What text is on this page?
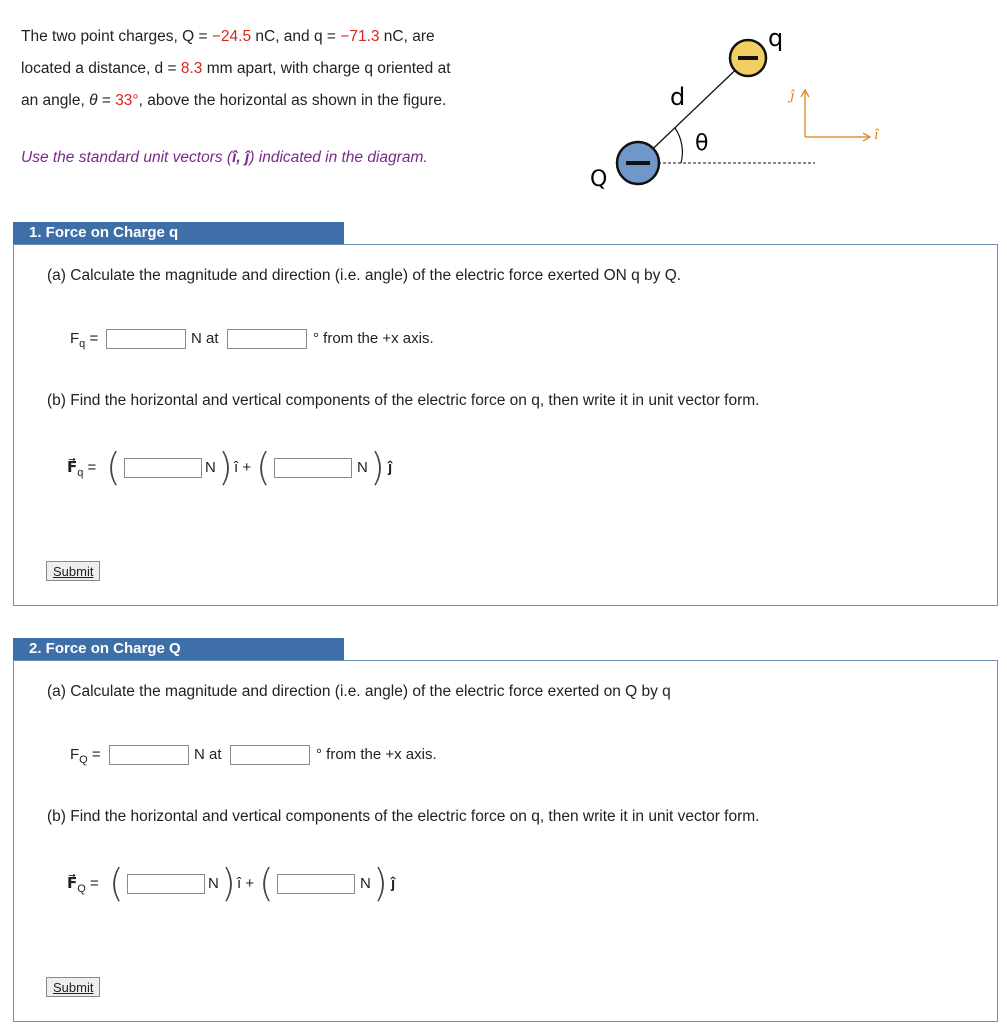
The two point charges, Q = −24.5 nC, and q = −71.3 nC, are
located a distance, d = 8.3 mm apart, with charge q oriented at
an angle, θ = 33°, above the horizontal as shown in the figure.
Use the standard unit vectors (î, ĵ) indicated in the diagram.
Q
q
d
θ
ȷ̂
ı̂
1. Force on Charge q
(a) Calculate the magnitude and direction (i.e. angle) of the electric force exerted ON q by Q.
$F_q$ =	N at	° from the +x axis.
(b) Find the horizontal and vertical components of the electric force on q, then write it in unit vector form.
$F⃗_q$ = (	N ) î + (	N ) ĵ
Submit
2. Force on Charge Q
(a) Calculate the magnitude and direction (i.e. angle) of the electric force exerted on Q by q
$F_Q$ =	N at	° from the +x axis.
(b) Find the horizontal and vertical components of the electric force on q, then write it in unit vector form.
$F⃗_Q$ = (	N ) î + (	N ) ĵ
Submit
